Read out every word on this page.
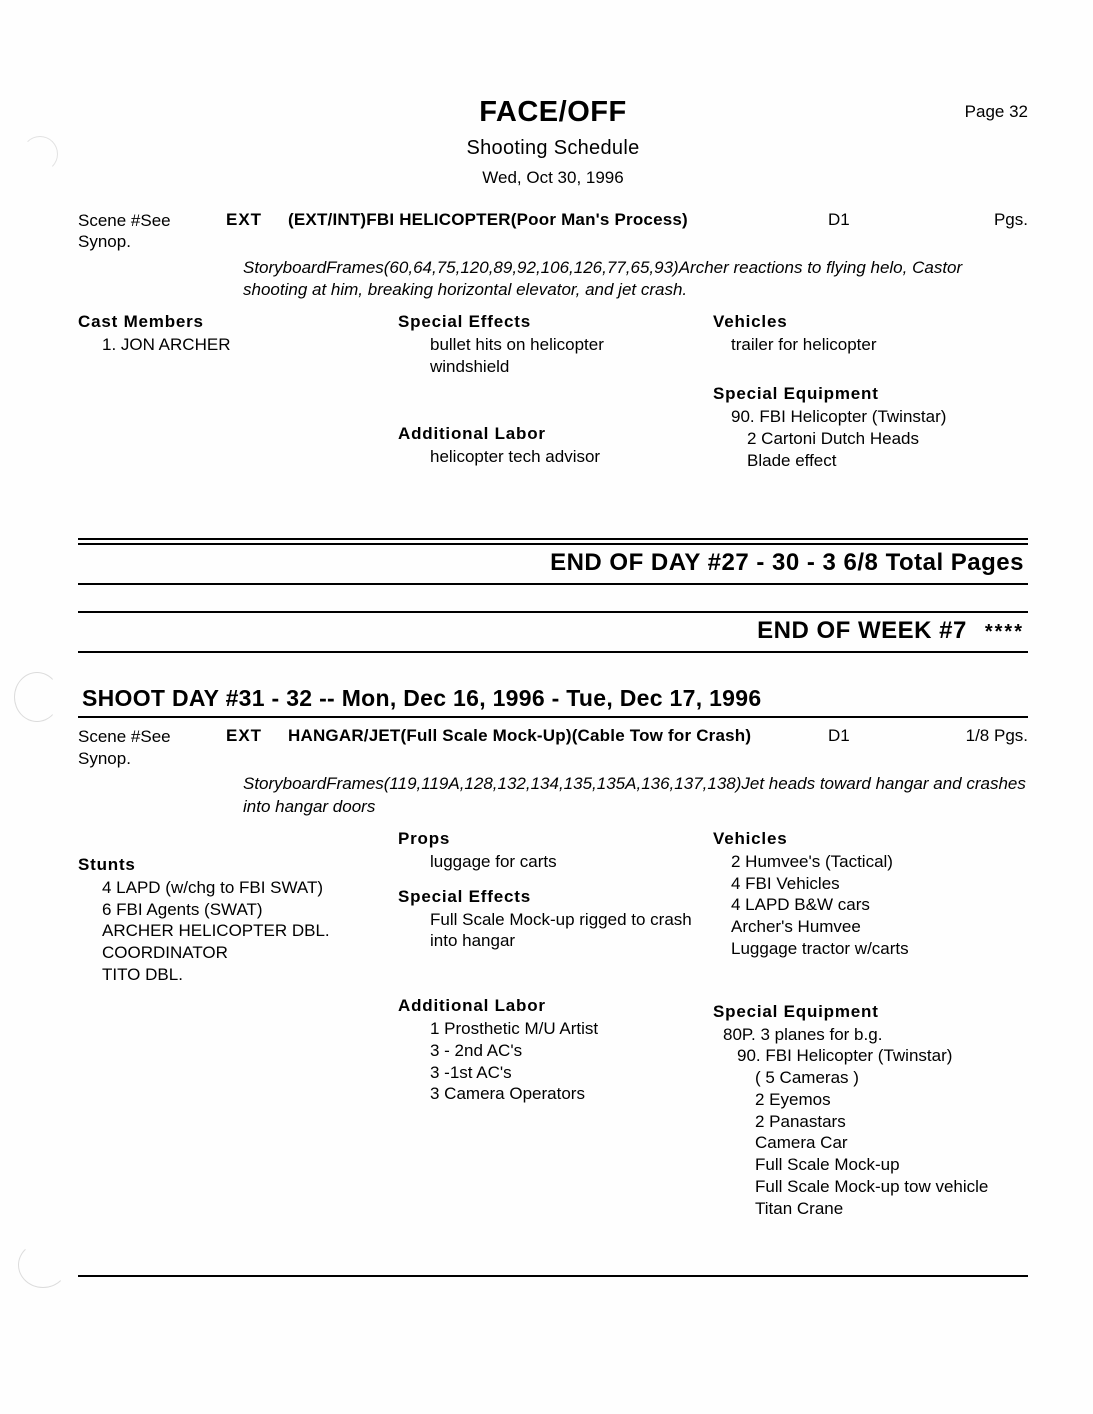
Page 32
FACE/OFF
Shooting Schedule
Wed, Oct 30, 1996
Scene #See
Synop.
EXT	(EXT/INT)FBI HELICOPTER(Poor Man's Process)	D1	Pgs.
StoryboardFrames(60,64,75,120,89,92,106,126,77,65,93)Archer reactions to flying helo, Castor shooting at him, breaking horizontal elevator, and jet crash.
Cast Members
1. JON ARCHER
Special Effects
bullet hits on helicopter
windshield
Additional Labor
helicopter tech advisor
Vehicles
trailer for helicopter
Special Equipment
90. FBI Helicopter (Twinstar)
2 Cartoni Dutch Heads
Blade effect
END OF DAY #27 - 30 - 3 6/8 Total Pages
END OF WEEK #7 ****
SHOOT DAY #31 - 32 -- Mon, Dec 16, 1996 - Tue, Dec 17, 1996
Scene #See
Synop.
EXT	HANGAR/JET(Full Scale Mock-Up)(Cable Tow for Crash)	D1	1/8 Pgs.
StoryboardFrames(119,119A,128,132,134,135,135A,136,137,138)Jet heads toward hangar and crashes into hangar doors
Stunts
4 LAPD (w/chg to FBI SWAT)
6 FBI Agents (SWAT)
ARCHER HELICOPTER DBL.
COORDINATOR
TITO DBL.
Props
luggage for carts
Special Effects
Full Scale Mock-up rigged to crash
into hangar
Additional Labor
1 Prosthetic M/U Artist
3 - 2nd AC's
3 -1st AC's
3 Camera Operators
Vehicles
2 Humvee's (Tactical)
4 FBI Vehicles
4 LAPD B&W cars
Archer's Humvee
Luggage tractor w/carts
Special Equipment
80P. 3 planes for b.g.
90. FBI Helicopter (Twinstar)
( 5 Cameras )
2 Eyemos
2 Panastars
Camera Car
Full Scale Mock-up
Full Scale Mock-up tow vehicle
Titan Crane
